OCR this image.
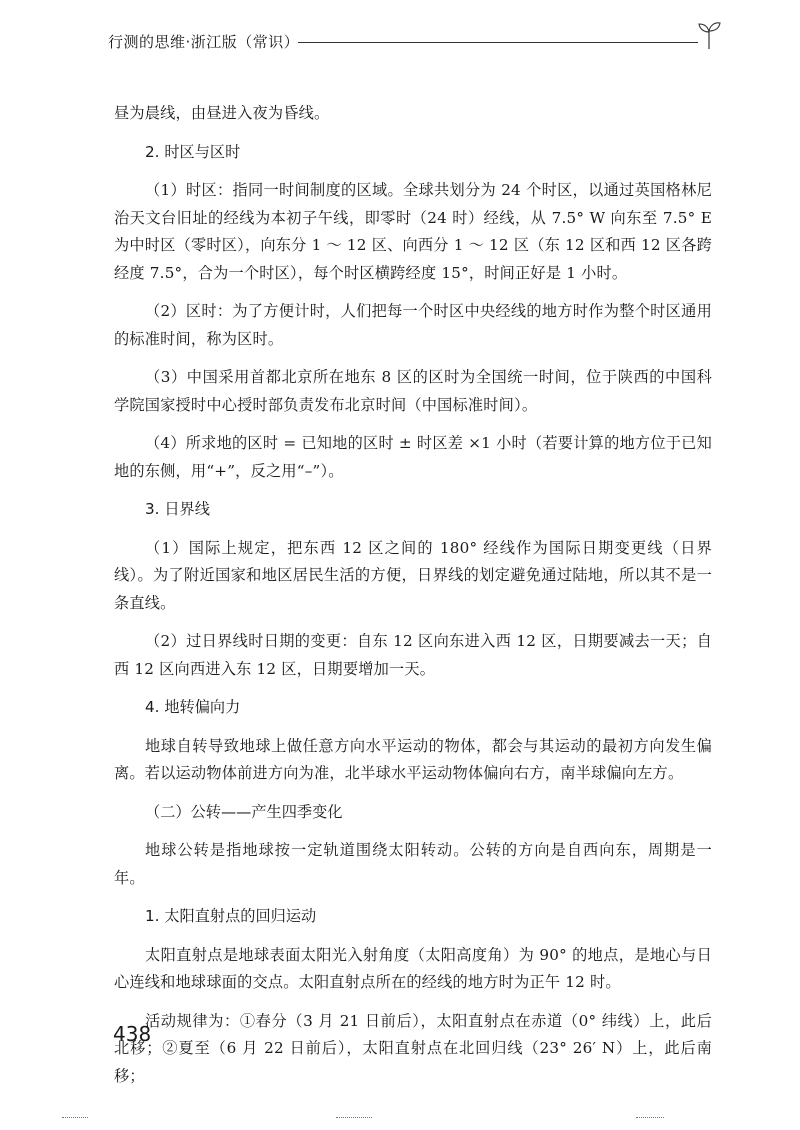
行测的思维·浙江版（常识）

昼为晨线，由昼进入夜为昏线。

2. 时区与区时

（1）时区：指同一时间制度的区域。全球共划分为 24 个时区，以通过英国格林尼治天文台旧址的经线为本初子午线，即零时（24 时）经线，从 7.5° W 向东至 7.5° E 为中时区（零时区），向东分 1 ～ 12 区、向西分 1 ～ 12 区（东 12 区和西 12 区各跨经度 7.5°，合为一个时区），每个时区横跨经度 15°，时间正好是 1 小时。

（2）区时：为了方便计时，人们把每一个时区中央经线的地方时作为整个时区通用的标准时间，称为区时。

（3）中国采用首都北京所在地东 8 区的区时为全国统一时间，位于陕西的中国科学院国家授时中心授时部负责发布北京时间（中国标准时间）。

（4）所求地的区时 = 已知地的区时 ± 时区差 ×1 小时（若要计算的地方位于已知地的东侧，用“+”，反之用“–”）。

3. 日界线

（1）国际上规定，把东西 12 区之间的 180° 经线作为国际日期变更线（日界线）。为了附近国家和地区居民生活的方便，日界线的划定避免通过陆地，所以其不是一条直线。

（2）过日界线时日期的变更：自东 12 区向东进入西 12 区，日期要减去一天；自西 12 区向西进入东 12 区，日期要增加一天。

4. 地转偏向力

地球自转导致地球上做任意方向水平运动的物体，都会与其运动的最初方向发生偏离。若以运动物体前进方向为准，北半球水平运动物体偏向右方，南半球偏向左方。

（二）公转——产生四季变化

地球公转是指地球按一定轨道围绕太阳转动。公转的方向是自西向东，周期是一年。

1. 太阳直射点的回归运动

太阳直射点是地球表面太阳光入射角度（太阳高度角）为 90° 的地点，是地心与日心连线和地球球面的交点。太阳直射点所在的经线的地方时为正午 12 时。

活动规律为：①春分（3 月 21 日前后），太阳直射点在赤道（0° 纬线）上，此后北移；②夏至（6 月 22 日前后），太阳直射点在北回归线（23° 26′ N）上，此后南移；

438
